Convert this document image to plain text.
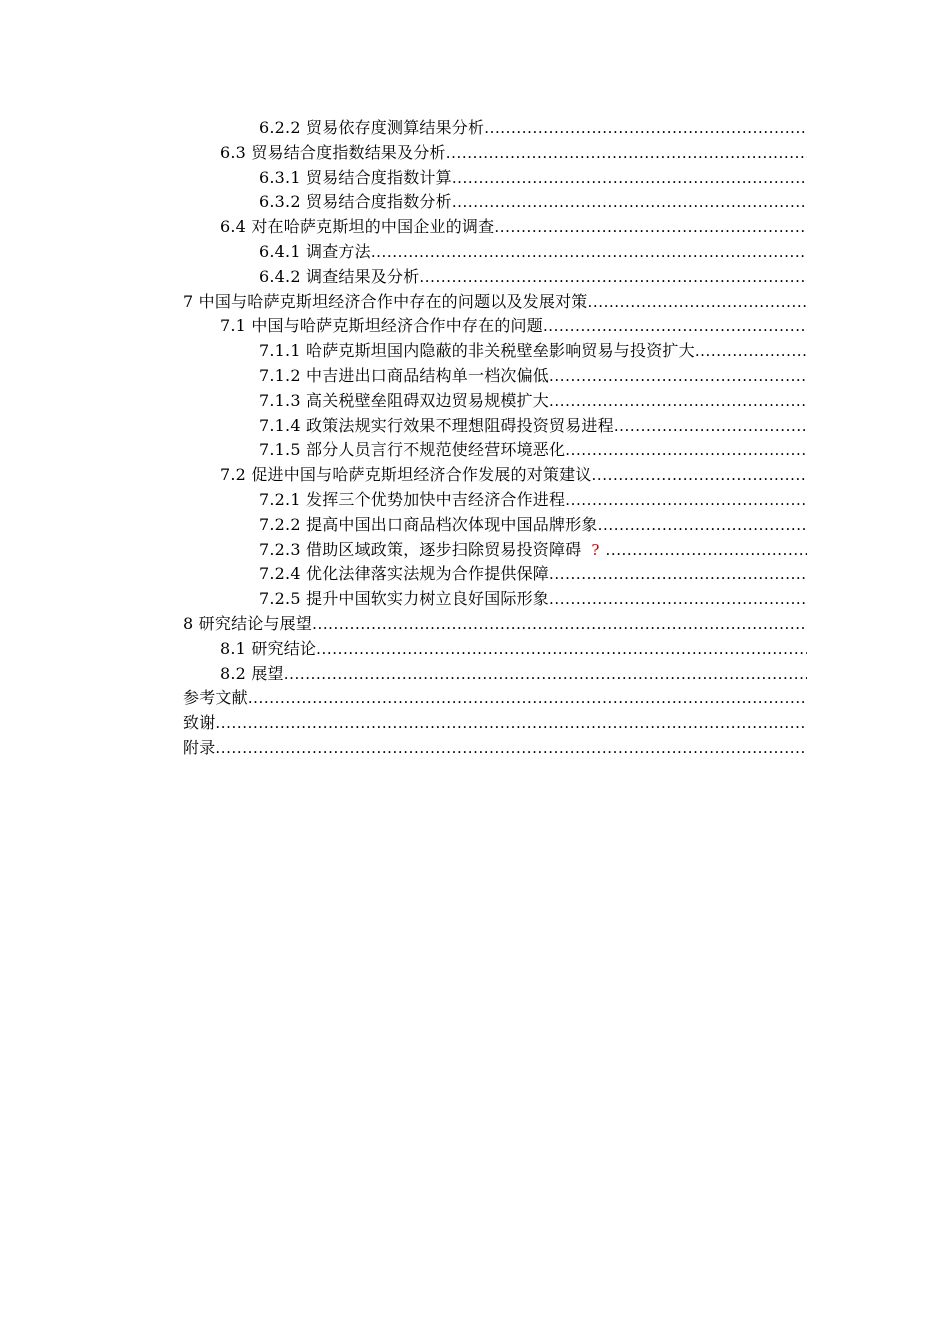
6.2.2 贸易依存度测算结果分析
.....
6.3 贸易结合度指数结果及分析
.....
6.3.1 贸易结合度指数计算
.....
6.3.2 贸易结合度指数分析
.....
6.4 对在哈萨克斯坦的中国企业的调查
.....
6.4.1 调查方法
.....
6.4.2 调查结果及分析
.....
7 中国与哈萨克斯坦经济合作中存在的问题以及发展对策
.....
7.1 中国与哈萨克斯坦经济合作中存在的问题
.....
7.1.1 哈萨克斯坦国内隐蔽的非关税壁垒影响贸易与投资扩大
.....
7.1.2 中吉进出口商品结构单一档次偏低
.....
7.1.3 高关税壁垒阻碍双边贸易规模扩大
.....
7.1.4 政策法规实行效果不理想阻碍投资贸易进程
.....
7.1.5 部分人员言行不规范使经营环境恶化
.....
7.2 促进中国与哈萨克斯坦经济合作发展的对策建议
.....
7.2.1 发挥三个优势加快中吉经济合作进程
.....
7.2.2 提高中国出口商品档次体现中国品牌形象
.....
7.2.3 借助区域政策，逐步扫除贸易投资障碍 ?
.....
7.2.4 优化法律落实法规为合作提供保障
.....
7.2.5 提升中国软实力树立良好国际形象
.....
8 研究结论与展望
.....
8.1 研究结论
.....
8.2 展望
.....
参考文献
.....
致谢
.....
附录
.....
